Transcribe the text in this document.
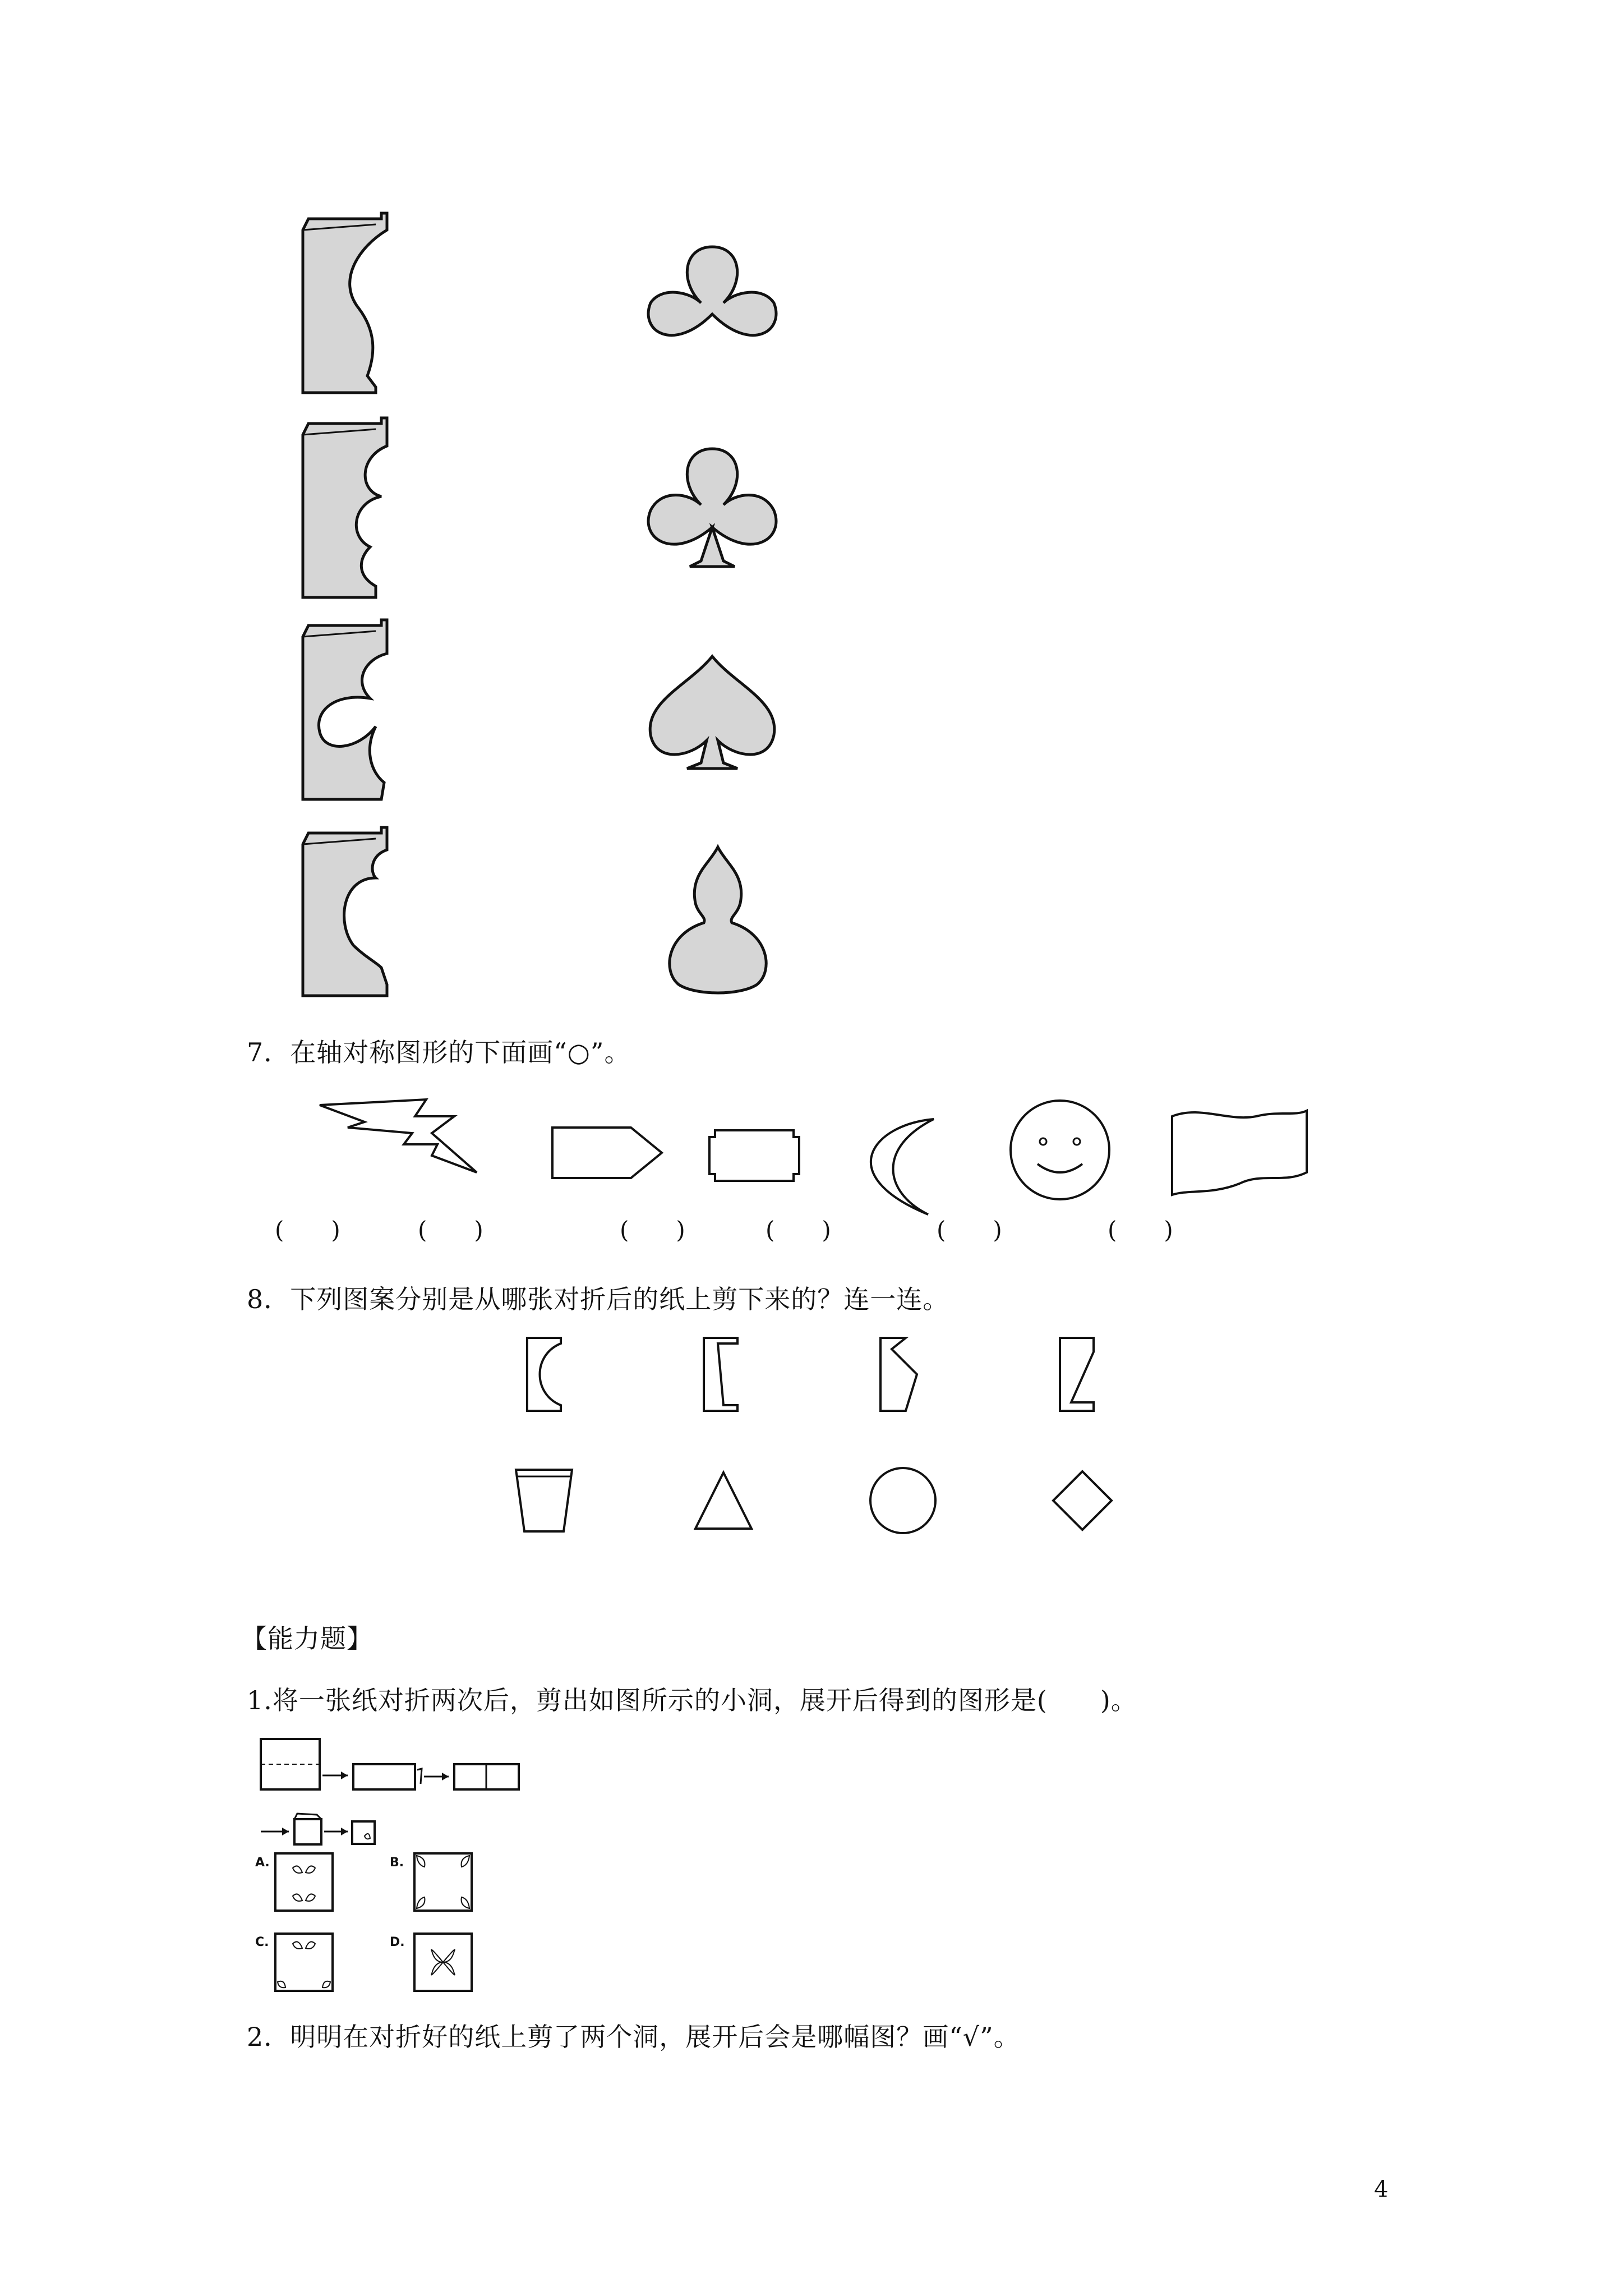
7．在轴对称图形的下面画“○”。
(　　)	(　　)	(　　)	(　　)	(　　)	(　　)
8．下列图案分别是从哪张对折后的纸上剪下来的？连一连。
【能力题】
1.将一张纸对折两次后，剪出如图所示的小洞，展开后得到的图形是(　　)。
A.	B.
C.	D.
2．明明在对折好的纸上剪了两个洞，展开后会是哪幅图？画“√”。
4
